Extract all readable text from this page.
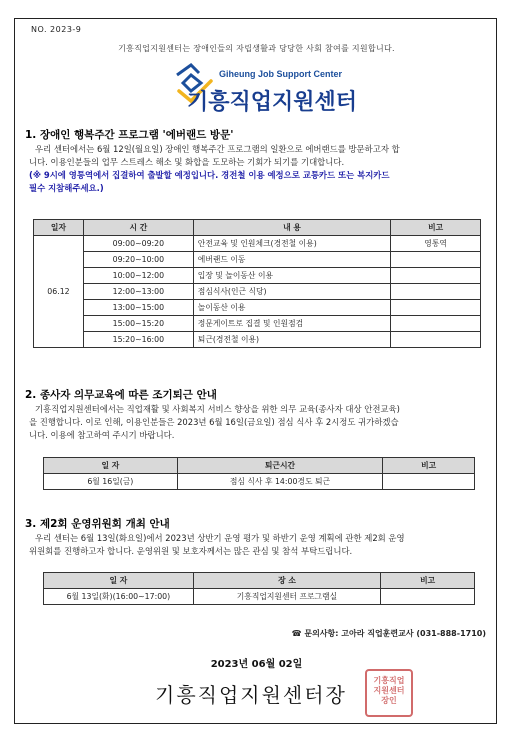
NO. 2023-9
기흥직업지원센터는 장애인들의 자립생활과 당당한 사회 참여를 지원합니다.
Giheung Job Support Center
기흥직업지원센터
1. 장애인 행복주간 프로그램 '에버랜드 방문'
우리 센터에서는 6월 12일(월요일) 장애인 행복주간 프로그램의 일환으로 에버랜드를 방문하고자 합
니다. 이용인분들의 업무 스트레스 해소 및 화합을 도모하는 기회가 되기를 기대합니다.
(※ 9시에 영통역에서 집결하여 출발할 예정입니다. 경전철 이용 예정으로 교통카드 또는 복지카드
필수 지참해주세요.)
일자	시 간	내 용	비고
06.12	09:00~09:20	안전교육 및 인원체크(경전철 이용)	영통역
	09:20~10:00	에버랜드 이동	
	10:00~12:00	입장 및 놀이동산 이용	
	12:00~13:00	점심식사(인근 식당)	
	13:00~15:00	놀이동산 이용	
	15:00~15:20	정문게이트로 집결 및 인원점검	
	15:20~16:00	퇴근(경전철 이용)	
2. 종사자 의무교육에 따른 조기퇴근 안내
기흥직업지원센터에서는 직업재활 및 사회복지 서비스 향상을 위한 의무 교육(종사자 대상 안전교육)
을 진행합니다. 이로 인해, 이용인분들은 2023년 6월 16일(금요일) 점심 식사 후 2시정도 귀가하겠습
니다. 이용에 참고하여 주시기 바랍니다.
일 자	퇴근시간	비고
6월 16일(금)	점심 식사 후 14:00경도 퇴근	
3. 제2회 운영위원회 개최 안내
우리 센터는 6월 13일(화요일)에서 2023년 상반기 운영 평가 및 하반기 운영 계획에 관한 제2회 운영
위원회를 진행하고자 합니다. 운영위원 및 보호자께서는 많은 관심 및 참석 부탁드립니다.
일 자	장 소	비고
6월 13일(화)(16:00~17:00)	기흥직업지원센터 프로그램실	
☎ 문의사항: 고아라 직업훈련교사 (031-888-1710)
2023년 06월 02일
기흥직업지원센터장
기흥직업
지원센터
장인
